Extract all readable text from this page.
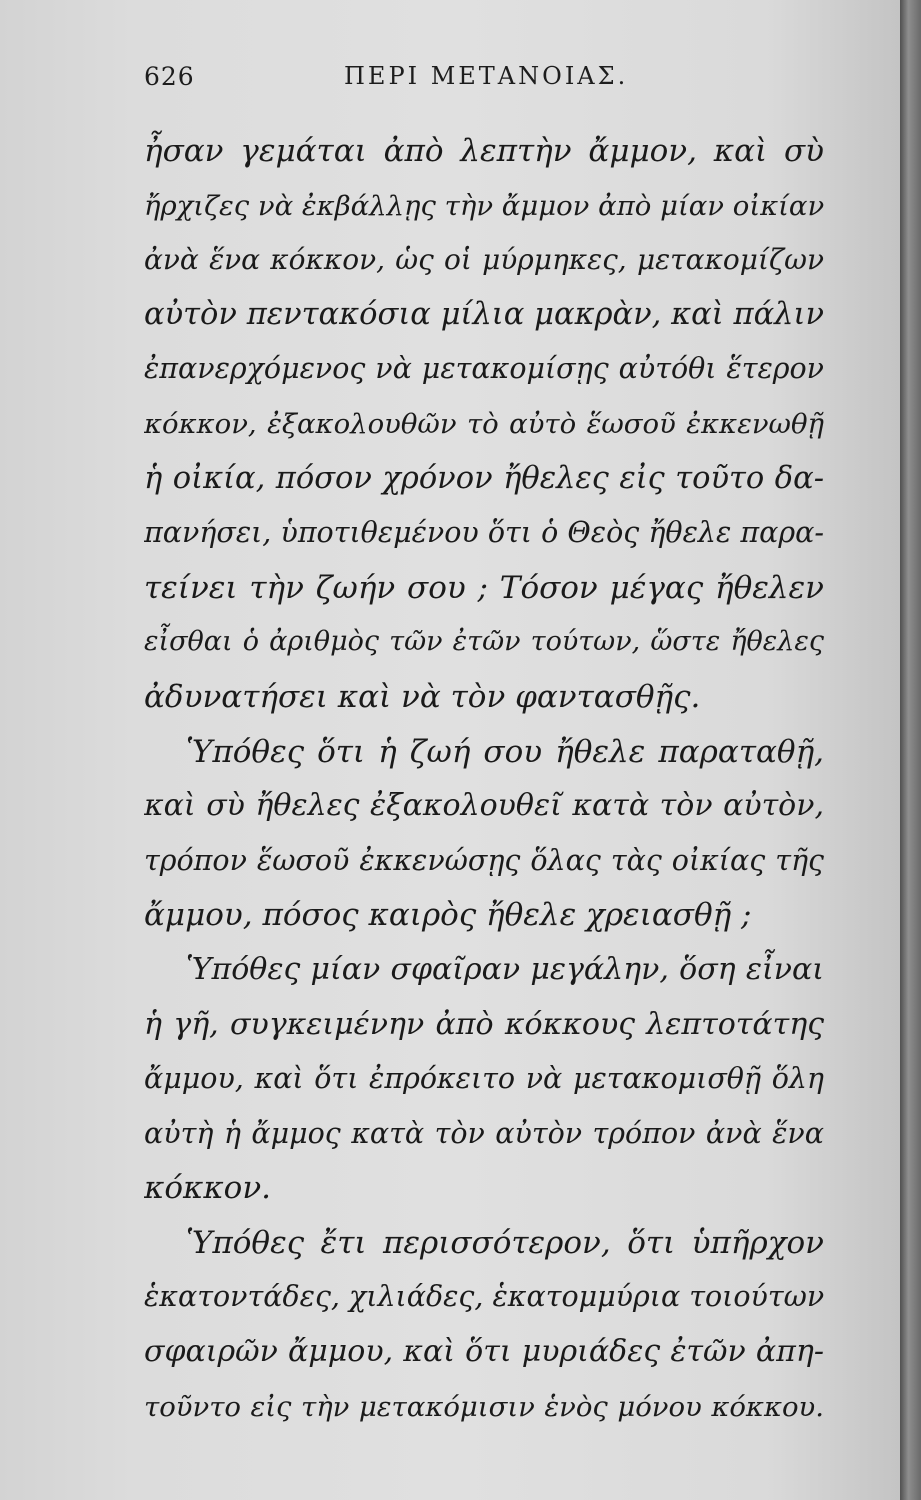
626	ΠΕΡΙ ΜΕΤΑΝΟΙΑΣ.
ἦσαν γεμάται ἀπὸ λεπτὴν ἄμμον, καὶ σὺ
ἤρχιζες νὰ ἐκβάλλῃς τὴν ἄμμον ἀπὸ μίαν οἰκίαν
ἀνὰ ἕνα κόκκον, ὡς οἱ μύρμηκες, μετακομίζων
αὐτὸν πεντακόσια μίλια μακρὰν, καὶ πάλιν
ἐπανερχόμενος νὰ μετακομίσῃς αὐτόθι ἕτερον
κόκκον, ἐξακολουθῶν τὸ αὐτὸ ἕωσοῦ ἐκκενωθῇ
ἡ οἰκία, πόσον χρόνον ἤθελες εἰς τοῦτο δα-
πανήσει, ὑποτιθεμένου ὅτι ὁ Θεὸς ἤθελε παρα-
τείνει τὴν ζωήν σου ; Τόσον μέγας ἤθελεν
εἶσθαι ὁ ἀριθμὸς τῶν ἐτῶν τούτων, ὥστε ἤθελες
ἀδυνατήσει καὶ νὰ τὸν φαντασθῇς.
Ὑπόθες ὅτι ἡ ζωή σου ἤθελε παραταθῇ,
καὶ σὺ ἤθελες ἐξακολουθεῖ κατὰ τὸν αὐτὸν,
τρόπον ἕωσοῦ ἐκκενώσῃς ὅλας τὰς οἰκίας τῆς
ἄμμου, πόσος καιρὸς ἤθελε χρειασθῇ ;
Ὑπόθες μίαν σφαῖραν μεγάλην, ὅση εἶναι
ἡ γῆ, συγκειμένην ἀπὸ κόκκους λεπτοτάτης
ἄμμου, καὶ ὅτι ἐπρόκειτο νὰ μετακομισθῇ ὅλη
αὐτὴ ἡ ἄμμος κατὰ τὸν αὐτὸν τρόπον ἀνὰ ἕνα
κόκκον.
Ὑπόθες ἔτι περισσότερον, ὅτι ὑπῆρχον
ἑκατοντάδες, χιλιάδες, ἑκατομμύρια τοιούτων
σφαιρῶν ἄμμου, καὶ ὅτι μυριάδες ἐτῶν ἀπη-
τοῦντο εἰς τὴν μετακόμισιν ἑνὸς μόνου κόκκου.
